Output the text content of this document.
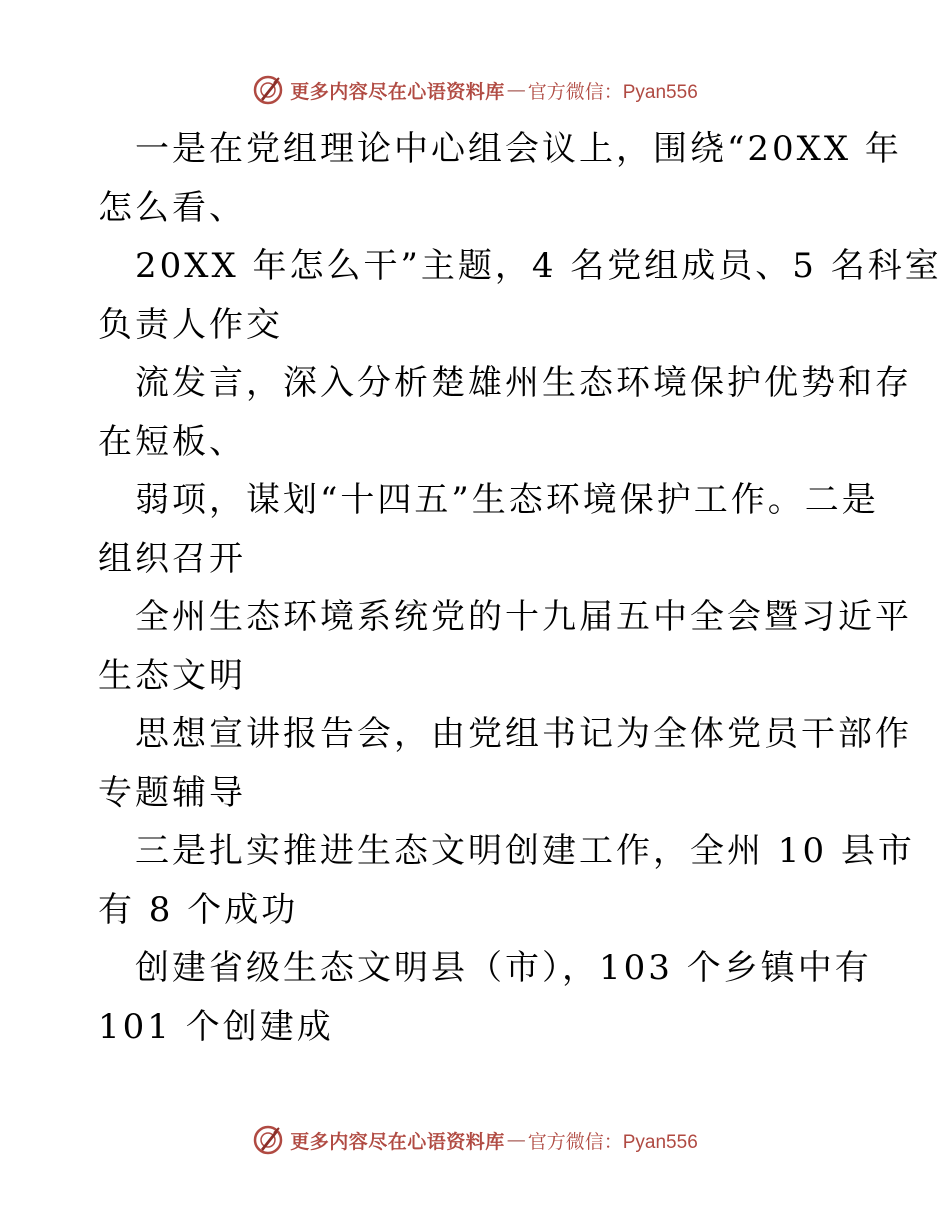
更多内容尽在心语资料库 — 官方微信：Pyan556
一是在党组理论中心组会议上，围绕“20XX 年
怎么看、
20XX 年怎么干”主题，4 名党组成员、5 名科室
负责人作交
流发言，深入分析楚雄州生态环境保护优势和存
在短板、
弱项，谋划“十四五”生态环境保护工作。二是
组织召开
全州生态环境系统党的十九届五中全会暨习近平
生态文明
思想宣讲报告会，由党组书记为全体党员干部作
专题辅导
三是扎实推进生态文明创建工作，全州 10 县市
有 8 个成功
创建省级生态文明县（市），103 个乡镇中有
101 个创建成
更多内容尽在心语资料库 — 官方微信：Pyan556
